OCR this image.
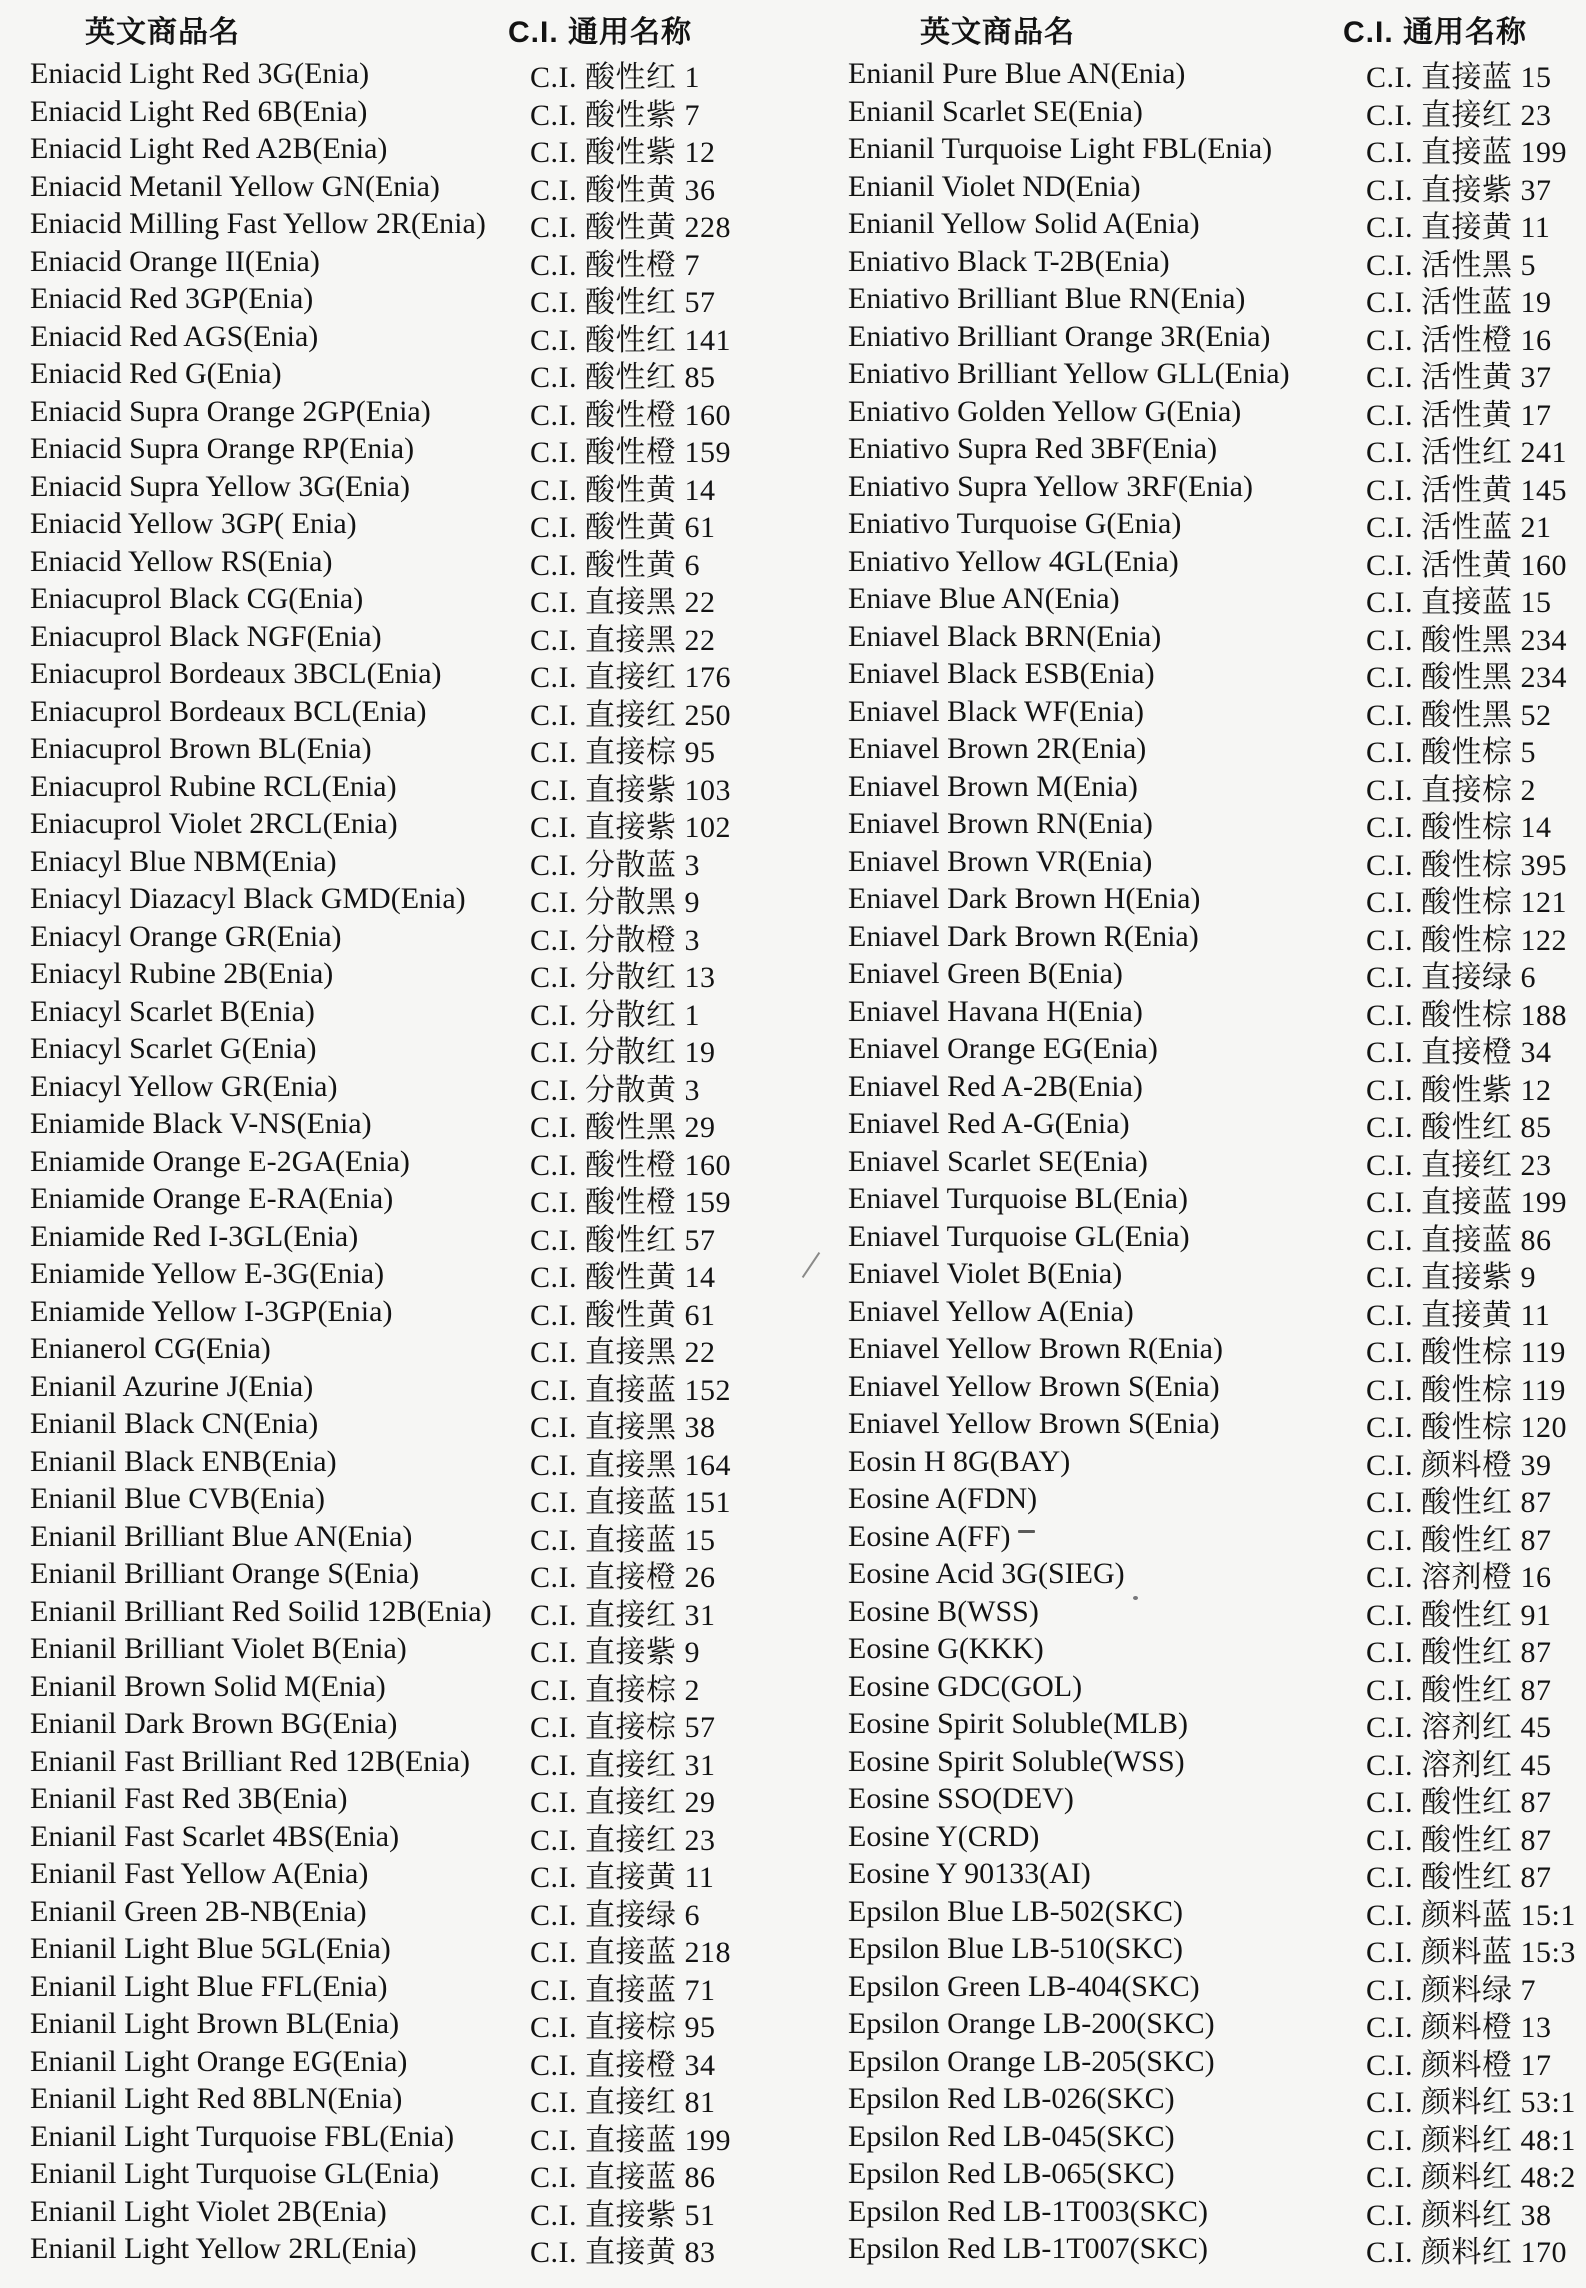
英文商品名	C.I. 通用名称
Eniacid Light Red 3G(Enia)	C.I. 酸性红 1
Eniacid Light Red 6B(Enia)	C.I. 酸性紫 7
Eniacid Light Red A2B(Enia)	C.I. 酸性紫 12
Eniacid Metanil Yellow GN(Enia)	C.I. 酸性黄 36
Eniacid Milling Fast Yellow 2R(Enia)	C.I. 酸性黄 228
Eniacid Orange II(Enia)	C.I. 酸性橙 7
Eniacid Red 3GP(Enia)	C.I. 酸性红 57
Eniacid Red AGS(Enia)	C.I. 酸性红 141
Eniacid Red G(Enia)	C.I. 酸性红 85
Eniacid Supra Orange 2GP(Enia)	C.I. 酸性橙 160
Eniacid Supra Orange RP(Enia)	C.I. 酸性橙 159
Eniacid Supra Yellow 3G(Enia)	C.I. 酸性黄 14
Eniacid Yellow 3GP( Enia)	C.I. 酸性黄 61
Eniacid Yellow RS(Enia)	C.I. 酸性黄 6
Eniacuprol Black CG(Enia)	C.I. 直接黑 22
Eniacuprol Black NGF(Enia)	C.I. 直接黑 22
Eniacuprol Bordeaux 3BCL(Enia)	C.I. 直接红 176
Eniacuprol Bordeaux BCL(Enia)	C.I. 直接红 250
Eniacuprol Brown BL(Enia)	C.I. 直接棕 95
Eniacuprol Rubine RCL(Enia)	C.I. 直接紫 103
Eniacuprol Violet 2RCL(Enia)	C.I. 直接紫 102
Eniacyl Blue NBM(Enia)	C.I. 分散蓝 3
Eniacyl Diazacyl Black GMD(Enia)	C.I. 分散黑 9
Eniacyl Orange GR(Enia)	C.I. 分散橙 3
Eniacyl Rubine 2B(Enia)	C.I. 分散红 13
Eniacyl Scarlet B(Enia)	C.I. 分散红 1
Eniacyl Scarlet G(Enia)	C.I. 分散红 19
Eniacyl Yellow GR(Enia)	C.I. 分散黄 3
Eniamide Black V-NS(Enia)	C.I. 酸性黑 29
Eniamide Orange E-2GA(Enia)	C.I. 酸性橙 160
Eniamide Orange E-RA(Enia)	C.I. 酸性橙 159
Eniamide Red I-3GL(Enia)	C.I. 酸性红 57
Eniamide Yellow E-3G(Enia)	C.I. 酸性黄 14
Eniamide Yellow I-3GP(Enia)	C.I. 酸性黄 61
Enianerol CG(Enia)	C.I. 直接黑 22
Enianil Azurine J(Enia)	C.I. 直接蓝 152
Enianil Black CN(Enia)	C.I. 直接黑 38
Enianil Black ENB(Enia)	C.I. 直接黑 164
Enianil Blue CVB(Enia)	C.I. 直接蓝 151
Enianil Brilliant Blue AN(Enia)	C.I. 直接蓝 15
Enianil Brilliant Orange S(Enia)	C.I. 直接橙 26
Enianil Brilliant Red Soilid 12B(Enia)	C.I. 直接红 31
Enianil Brilliant Violet B(Enia)	C.I. 直接紫 9
Enianil Brown Solid M(Enia)	C.I. 直接棕 2
Enianil Dark Brown BG(Enia)	C.I. 直接棕 57
Enianil Fast Brilliant Red 12B(Enia)	C.I. 直接红 31
Enianil Fast Red 3B(Enia)	C.I. 直接红 29
Enianil Fast Scarlet 4BS(Enia)	C.I. 直接红 23
Enianil Fast Yellow A(Enia)	C.I. 直接黄 11
Enianil Green 2B-NB(Enia)	C.I. 直接绿 6
Enianil Light Blue 5GL(Enia)	C.I. 直接蓝 218
Enianil Light Blue FFL(Enia)	C.I. 直接蓝 71
Enianil Light Brown BL(Enia)	C.I. 直接棕 95
Enianil Light Orange EG(Enia)	C.I. 直接橙 34
Enianil Light Red 8BLN(Enia)	C.I. 直接红 81
Enianil Light Turquoise FBL(Enia)	C.I. 直接蓝 199
Enianil Light Turquoise GL(Enia)	C.I. 直接蓝 86
Enianil Light Violet 2B(Enia)	C.I. 直接紫 51
Enianil Light Yellow 2RL(Enia)	C.I. 直接黄 83
英文商品名	C.I. 通用名称
Enianil Pure Blue AN(Enia)	C.I. 直接蓝 15
Enianil Scarlet SE(Enia)	C.I. 直接红 23
Enianil Turquoise Light FBL(Enia)	C.I. 直接蓝 199
Enianil Violet ND(Enia)	C.I. 直接紫 37
Enianil Yellow Solid A(Enia)	C.I. 直接黄 11
Eniativo Black T-2B(Enia)	C.I. 活性黑 5
Eniativo Brilliant Blue RN(Enia)	C.I. 活性蓝 19
Eniativo Brilliant Orange 3R(Enia)	C.I. 活性橙 16
Eniativo Brilliant Yellow GLL(Enia)	C.I. 活性黄 37
Eniativo Golden Yellow G(Enia)	C.I. 活性黄 17
Eniativo Supra Red 3BF(Enia)	C.I. 活性红 241
Eniativo Supra Yellow 3RF(Enia)	C.I. 活性黄 145
Eniativo Turquoise G(Enia)	C.I. 活性蓝 21
Eniativo Yellow 4GL(Enia)	C.I. 活性黄 160
Eniave Blue AN(Enia)	C.I. 直接蓝 15
Eniavel Black BRN(Enia)	C.I. 酸性黑 234
Eniavel Black ESB(Enia)	C.I. 酸性黑 234
Eniavel Black WF(Enia)	C.I. 酸性黑 52
Eniavel Brown 2R(Enia)	C.I. 酸性棕 5
Eniavel Brown M(Enia)	C.I. 直接棕 2
Eniavel Brown RN(Enia)	C.I. 酸性棕 14
Eniavel Brown VR(Enia)	C.I. 酸性棕 395
Eniavel Dark Brown H(Enia)	C.I. 酸性棕 121
Eniavel Dark Brown R(Enia)	C.I. 酸性棕 122
Eniavel Green B(Enia)	C.I. 直接绿 6
Eniavel Havana H(Enia)	C.I. 酸性棕 188
Eniavel Orange EG(Enia)	C.I. 直接橙 34
Eniavel Red A-2B(Enia)	C.I. 酸性紫 12
Eniavel Red A-G(Enia)	C.I. 酸性红 85
Eniavel Scarlet SE(Enia)	C.I. 直接红 23
Eniavel Turquoise BL(Enia)	C.I. 直接蓝 199
Eniavel Turquoise GL(Enia)	C.I. 直接蓝 86
Eniavel Violet B(Enia)	C.I. 直接紫 9
Eniavel Yellow A(Enia)	C.I. 直接黄 11
Eniavel Yellow Brown R(Enia)	C.I. 酸性棕 119
Eniavel Yellow Brown S(Enia)	C.I. 酸性棕 119
Eniavel Yellow Brown S(Enia)	C.I. 酸性棕 120
Eosin H 8G(BAY)	C.I. 颜料橙 39
Eosine A(FDN)	C.I. 酸性红 87
Eosine A(FF)	C.I. 酸性红 87
Eosine Acid 3G(SIEG)	C.I. 溶剂橙 16
Eosine B(WSS)	C.I. 酸性红 91
Eosine G(KKK)	C.I. 酸性红 87
Eosine GDC(GOL)	C.I. 酸性红 87
Eosine Spirit Soluble(MLB)	C.I. 溶剂红 45
Eosine Spirit Soluble(WSS)	C.I. 溶剂红 45
Eosine SSO(DEV)	C.I. 酸性红 87
Eosine Y(CRD)	C.I. 酸性红 87
Eosine Y 90133(AI)	C.I. 酸性红 87
Epsilon Blue LB-502(SKC)	C.I. 颜料蓝 15:1
Epsilon Blue LB-510(SKC)	C.I. 颜料蓝 15:3
Epsilon Green LB-404(SKC)	C.I. 颜料绿 7
Epsilon Orange LB-200(SKC)	C.I. 颜料橙 13
Epsilon Orange LB-205(SKC)	C.I. 颜料橙 17
Epsilon Red LB-026(SKC)	C.I. 颜料红 53:1
Epsilon Red LB-045(SKC)	C.I. 颜料红 48:1
Epsilon Red LB-065(SKC)	C.I. 颜料红 48:2
Epsilon Red LB-1T003(SKC)	C.I. 颜料红 38
Epsilon Red LB-1T007(SKC)	C.I. 颜料红 170
